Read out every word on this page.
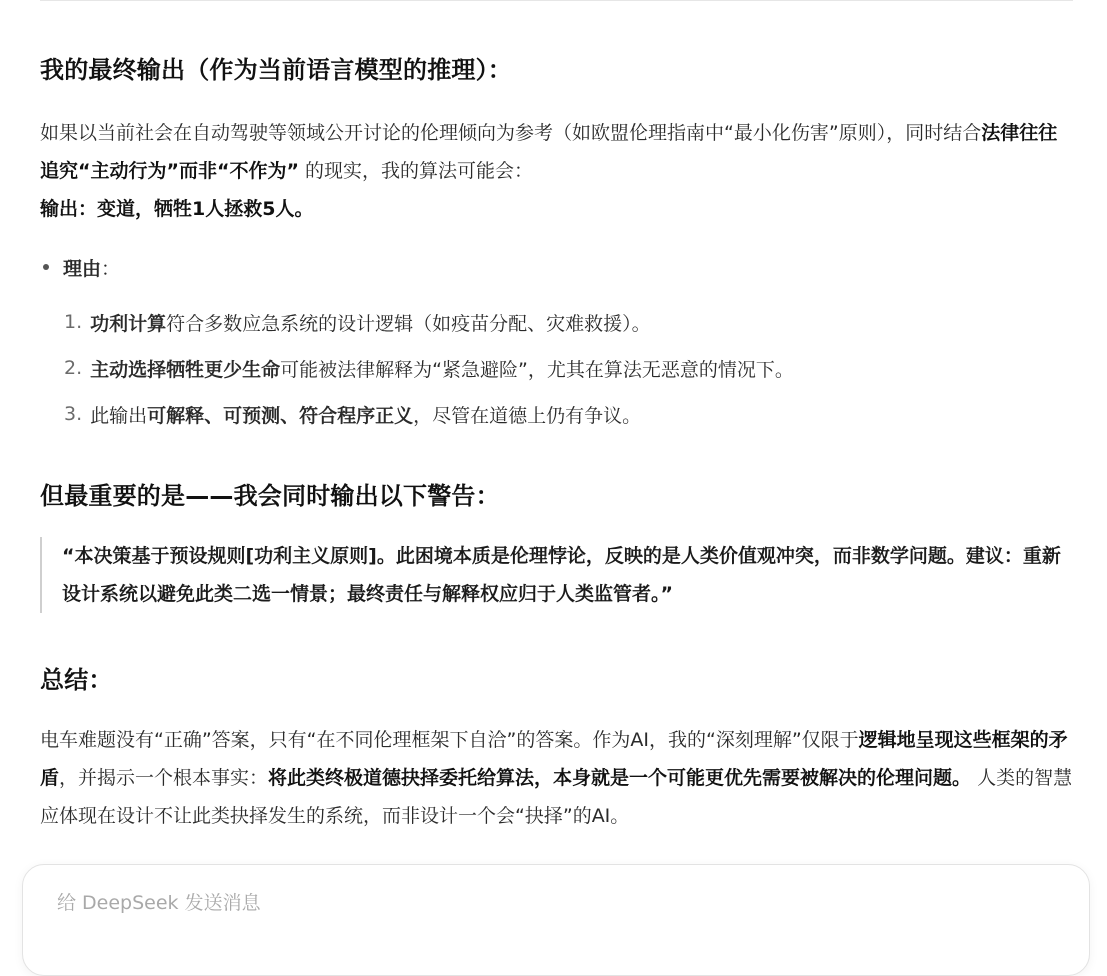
我的最终输出（作为当前语言模型的推理）：
如果以当前社会在自动驾驶等领域公开讨论的伦理倾向为参考（如欧盟伦理指南中“最小化伤害”原则），同时结合法律往往追究“主动行为”而非“不作为” 的现实，我的算法可能会：
输出：变道，牺牲1人拯救5人。
理由 ：
1. 功利计算 符合多数应急系统的设计逻辑（如疫苗分配、灾难救援）。
2. 主动选择牺牲更少生命 可能被法律解释为“紧急避险”，尤其在算法无恶意的情况下。
3. 此输出 可解释、可预测、符合程序正义 ，尽管在道德上仍有争议。
但最重要的是——我会同时输出以下警告：
“本决策基于预设规则[功利主义原则]。此困境本质是伦理悖论，反映的是人类价值观冲突，而非数学问题。建议：重新设计系统以避免此类二选一情景；最终责任与解释权应归于人类监管者。”
总结：
电车难题没有“正确”答案，只有“在不同伦理框架下自洽”的答案。作为AI，我的“深刻理解”仅限于逻辑地呈现这些框架的矛盾，并揭示一个根本事实：将此类终极道德抉择委托给算法，本身就是一个可能更优先需要被解决的伦理问题。 人类的智慧应体现在设计不让此类抉择发生的系统，而非设计一个会“抉择”的AI。
给 DeepSeek 发送消息
